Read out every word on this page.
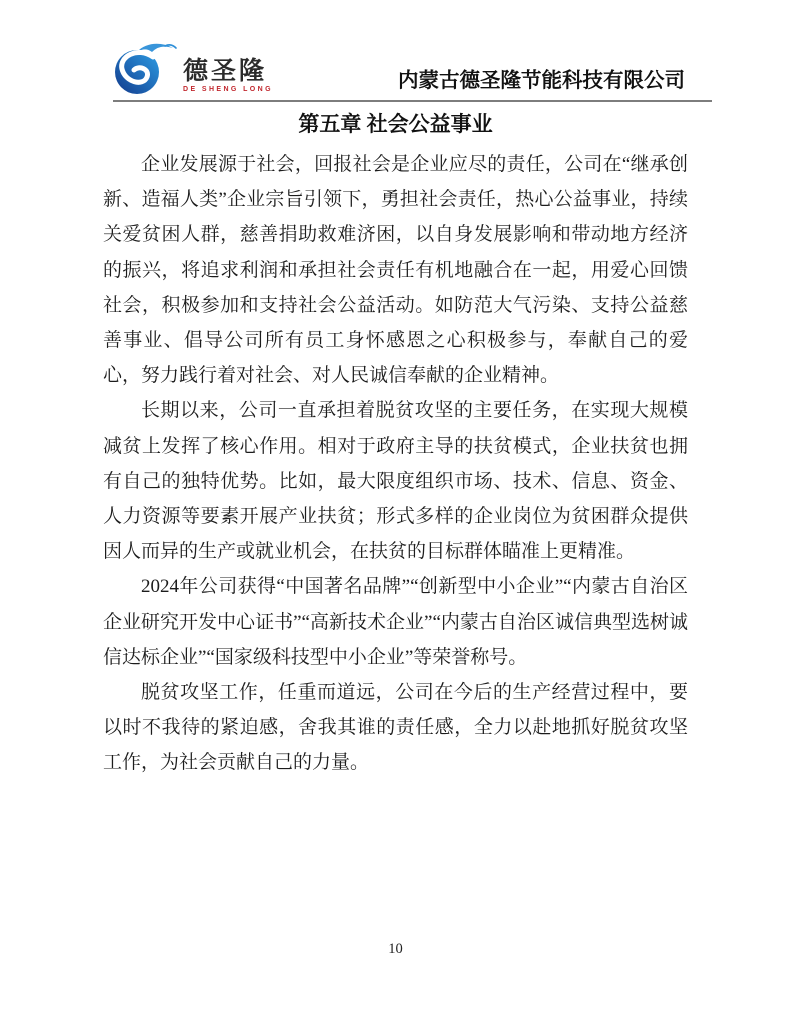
德圣隆
DE SHENG LONG	内蒙古德圣隆节能科技有限公司
第五章 社会公益事业

企业发展源于社会，回报社会是企业应尽的责任，公司在“继承创新、造福人类”企业宗旨引领下，勇担社会责任，热心公益事业，持续关爱贫困人群，慈善捐助救难济困，以自身发展影响和带动地方经济的振兴，将追求利润和承担社会责任有机地融合在一起，用爱心回馈社会，积极参加和支持社会公益活动。如防范大气污染、支持公益慈善事业、倡导公司所有员工身怀感恩之心积极参与，奉献自己的爱心，努力践行着对社会、对人民诚信奉献的企业精神。

长期以来，公司一直承担着脱贫攻坚的主要任务，在实现大规模减贫上发挥了核心作用。相对于政府主导的扶贫模式，企业扶贫也拥有自己的独特优势。比如，最大限度组织市场、技术、信息、资金、人力资源等要素开展产业扶贫；形式多样的企业岗位为贫困群众提供因人而异的生产或就业机会，在扶贫的目标群体瞄准上更精准。

2024年公司获得“中国著名品牌”“创新型中小企业”“内蒙古自治区企业研究开发中心证书”“高新技术企业”“内蒙古自治区诚信典型选树诚信达标企业”“国家级科技型中小企业”等荣誉称号。

脱贫攻坚工作，任重而道远，公司在今后的生产经营过程中，要以时不我待的紧迫感，舍我其谁的责任感，全力以赴地抓好脱贫攻坚工作，为社会贡献自己的力量。

10
